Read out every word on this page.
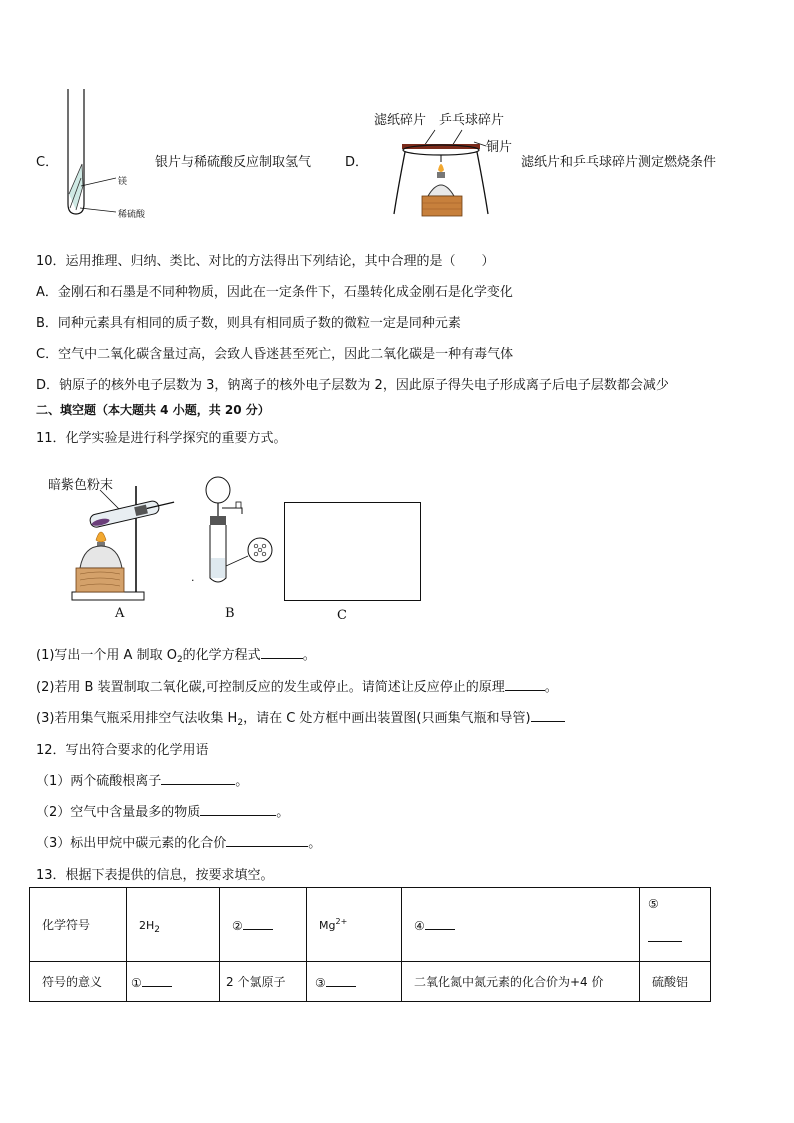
C．
镁
稀硫酸
银片与稀硫酸反应制取氢气	D．
滤纸碎片　乒乓球碎片
铜片
滤纸片和乒乓球碎片测定燃烧条件
10．运用推理、归纳、类比、对比的方法得出下列结论，其中合理的是（　　）
A．金刚石和石墨是不同种物质，因此在一定条件下，石墨转化成金刚石是化学变化
B．同种元素具有相同的质子数，则具有相同质子数的微粒一定是同种元素
C．空气中二氧化碳含量过高，会致人昏迷甚至死亡，因此二氧化碳是一种有毒气体
D．钠原子的核外电子层数为 3，钠离子的核外电子层数为 2，因此原子得失电子形成离子后电子层数都会减少
二、填空题（本大题共 4 小题，共 20 分）
11．化学实验是进行科学探究的重要方式。
暗紫色粉末
·
A	B	C
(1)写出一个用 A 制取 $O_2$的化学方程式	。
(2)若用 B 装置制取二氧化碳,可控制反应的发生或停止。请简述让反应停止的原理	。
(3)若用集气瓶采用排空气法收集 $H_2$，请在 C 处方框中画出装置图(只画集气瓶和导管)
12．写出符合要求的化学用语
（1）两个硫酸根离子	。
（2）空气中含量最多的物质	。
（3）标出甲烷中碳元素的化合价	。
13．根据下表提供的信息，按要求填空。
化学符号	$2H_2$	②	$Mg^{2+}$	④	⑤

符号的意义	①	2 个氯原子	③	二氧化氮中氮元素的化合价为+4 价	硫酸铝
